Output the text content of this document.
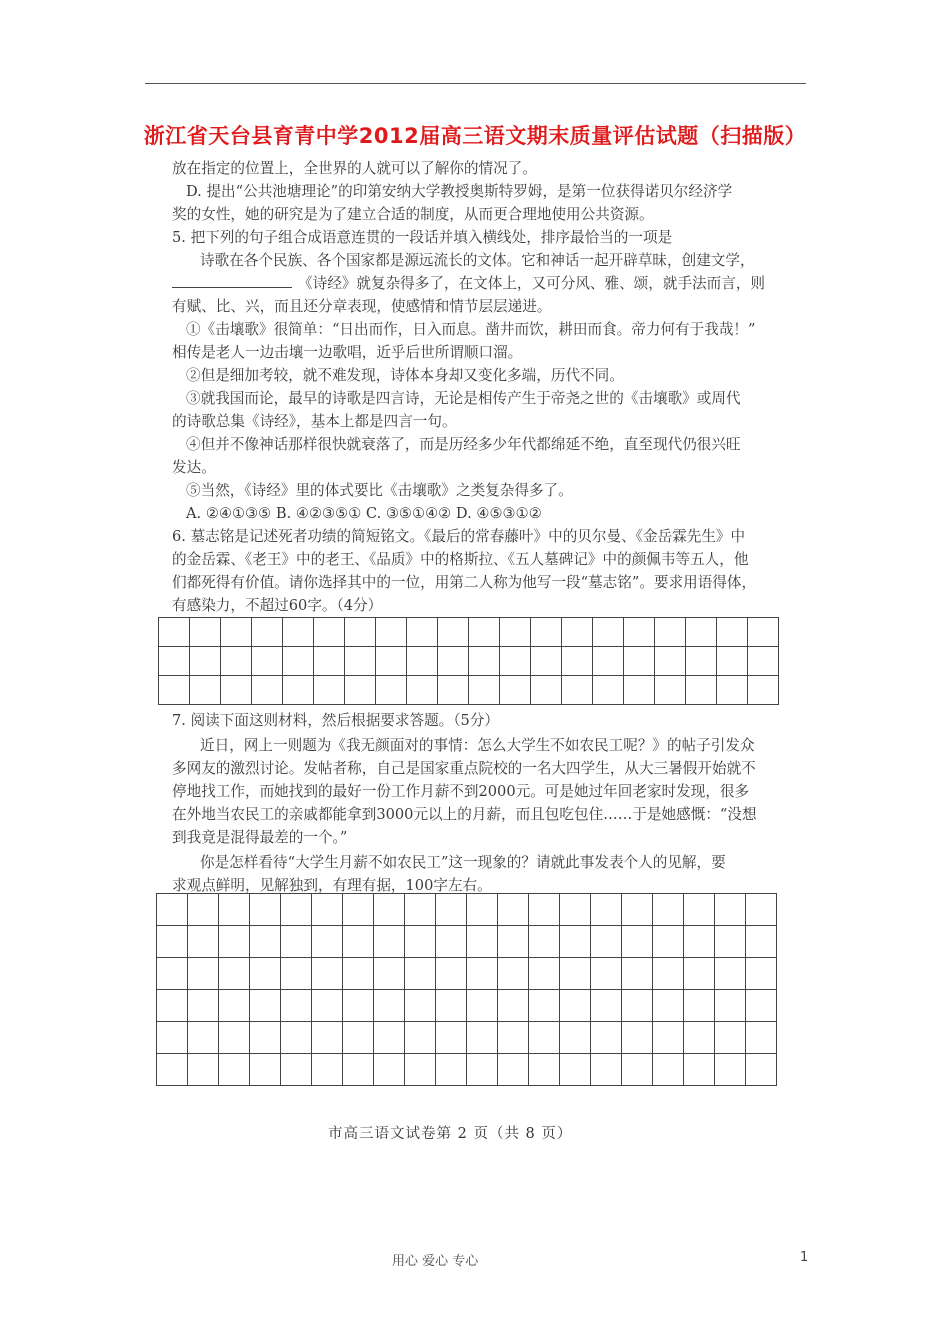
浙江省天台县育青中学2012届高三语文期末质量评估试题（扫描版）
放在指定的位置上，全世界的人就可以了解你的情况了。
D. 提出“公共池塘理论”的印第安纳大学教授奥斯特罗姆，是第一位获得诺贝尔经济学
奖的女性，她的研究是为了建立合适的制度，从而更合理地使用公共资源。
5. 把下列的句子组合成语意连贯的一段话并填入横线处，排序最恰当的一项是
诗歌在各个民族、各个国家都是源远流长的文体。它和神话一起开辟草昧，创建文学，
《诗经》就复杂得多了，在文体上，又可分风、雅、颂，就手法而言，则
有赋、比、兴，而且还分章表现，使感情和情节层层递进。
①《击壤歌》很简单：“日出而作，日入而息。凿井而饮，耕田而食。帝力何有于我哉！”
相传是老人一边击壤一边歌唱，近乎后世所谓顺口溜。
②但是细加考较，就不难发现，诗体本身却又变化多端，历代不同。
③就我国而论，最早的诗歌是四言诗，无论是相传产生于帝尧之世的《击壤歌》或周代
的诗歌总集《诗经》，基本上都是四言一句。
④但并不像神话那样很快就衰落了，而是历经多少年代都绵延不绝，直至现代仍很兴旺
发达。
⑤当然，《诗经》里的体式要比《击壤歌》之类复杂得多了。
A. ②④①③⑤ B. ④②③⑤① C. ③⑤①④② D. ④⑤③①②
6. 墓志铭是记述死者功绩的简短铭文。《最后的常春藤叶》中的贝尔曼、《金岳霖先生》中
的金岳霖、《老王》中的老王、《品质》中的格斯拉、《五人墓碑记》中的颜佩韦等五人，他
们都死得有价值。请你选择其中的一位，用第二人称为他写一段“墓志铭”。要求用语得体，
有感染力，不超过60字。（4分）

7. 阅读下面这则材料，然后根据要求答题。（5分）
近日，网上一则题为《我无颜面对的事情：怎么大学生不如农民工呢？》的帖子引发众
多网友的激烈讨论。发帖者称，自己是国家重点院校的一名大四学生，从大三暑假开始就不
停地找工作，而她找到的最好一份工作月薪不到2000元。可是她过年回老家时发现，很多
在外地当农民工的亲戚都能拿到3000元以上的月薪，而且包吃包住……于是她感慨：“没想
到我竟是混得最差的一个。”
你是怎样看待“大学生月薪不如农民工”这一现象的？请就此事发表个人的见解，要
求观点鲜明，见解独到，有理有据，100字左右。

市高三语文试卷第 2 页（共 8 页）
用心 爱心 专心	1
